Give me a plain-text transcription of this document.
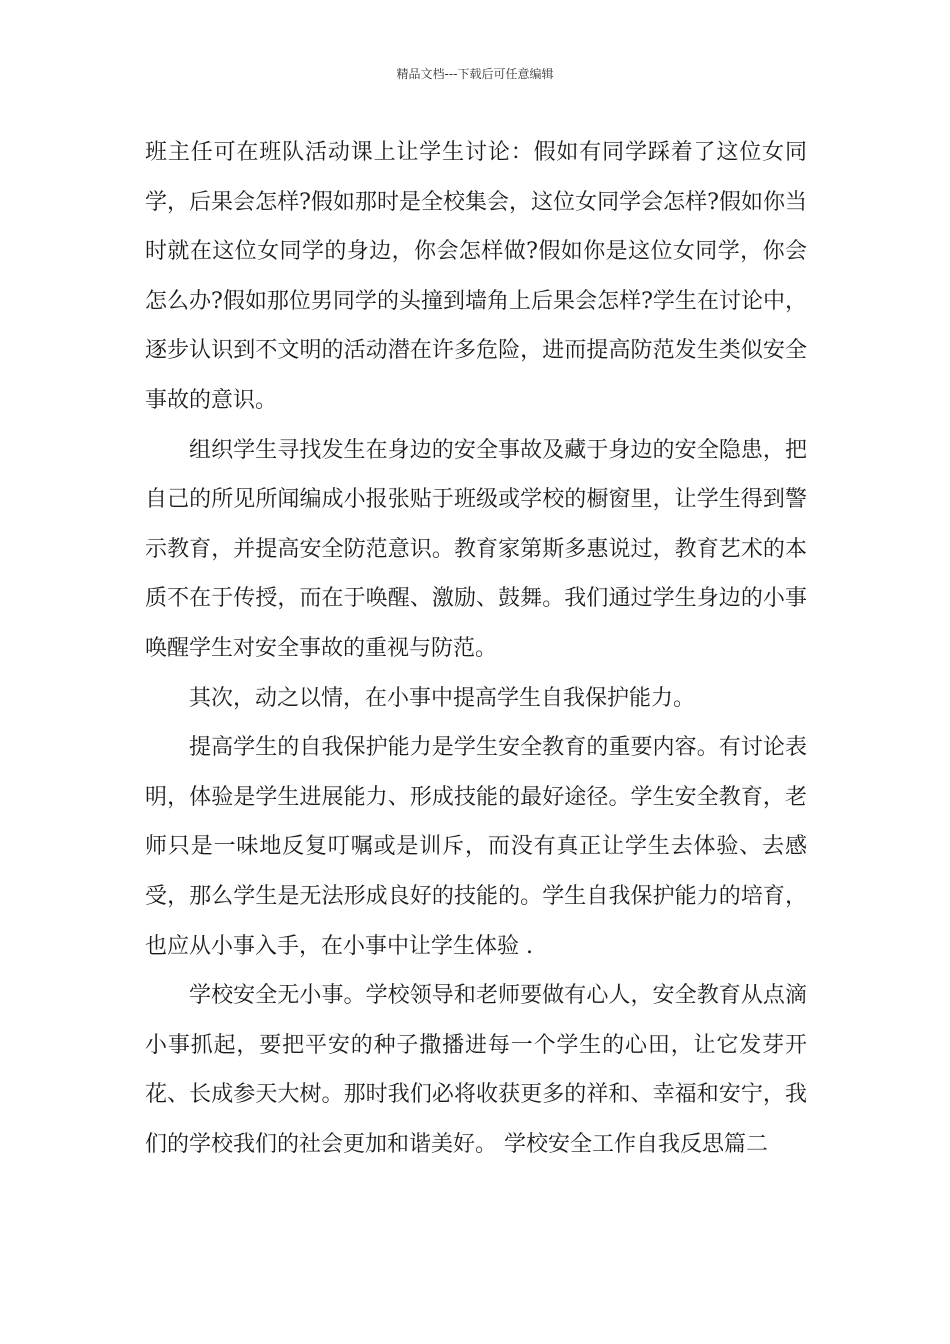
精品文档---下载后可任意编辑

班主任可在班队活动课上让学生讨论：假如有同学踩着了这位女同学，后果会怎样?假如那时是全校集会，这位女同学会怎样?假如你当时就在这位女同学的身边，你会怎样做?假如你是这位女同学，你会怎么办?假如那位男同学的头撞到墙角上后果会怎样?学生在讨论中，逐步认识到不文明的活动潜在许多危险，进而提高防范发生类似安全事故的意识。

组织学生寻找发生在身边的安全事故及藏于身边的安全隐患，把自己的所见所闻编成小报张贴于班级或学校的橱窗里，让学生得到警示教育，并提高安全防范意识。教育家第斯多惠说过，教育艺术的本质不在于传授，而在于唤醒、激励、鼓舞。我们通过学生身边的小事唤醒学生对安全事故的重视与防范。

其次，动之以情，在小事中提高学生自我保护能力。

提高学生的自我保护能力是学生安全教育的重要内容。有讨论表明，体验是学生进展能力、形成技能的最好途径。学生安全教育，老师只是一味地反复叮嘱或是训斥，而没有真正让学生去体验、去感受，那么学生是无法形成良好的技能的。学生自我保护能力的培育，也应从小事入手，在小事中让学生体验 .

学校安全无小事。学校领导和老师要做有心人，安全教育从点滴小事抓起，要把平安的种子撒播进每一个学生的心田，让它发芽开花、长成参天大树。那时我们必将收获更多的祥和、幸福和安宁，我们的学校我们的社会更加和谐美好。 学校安全工作自我反思篇二
